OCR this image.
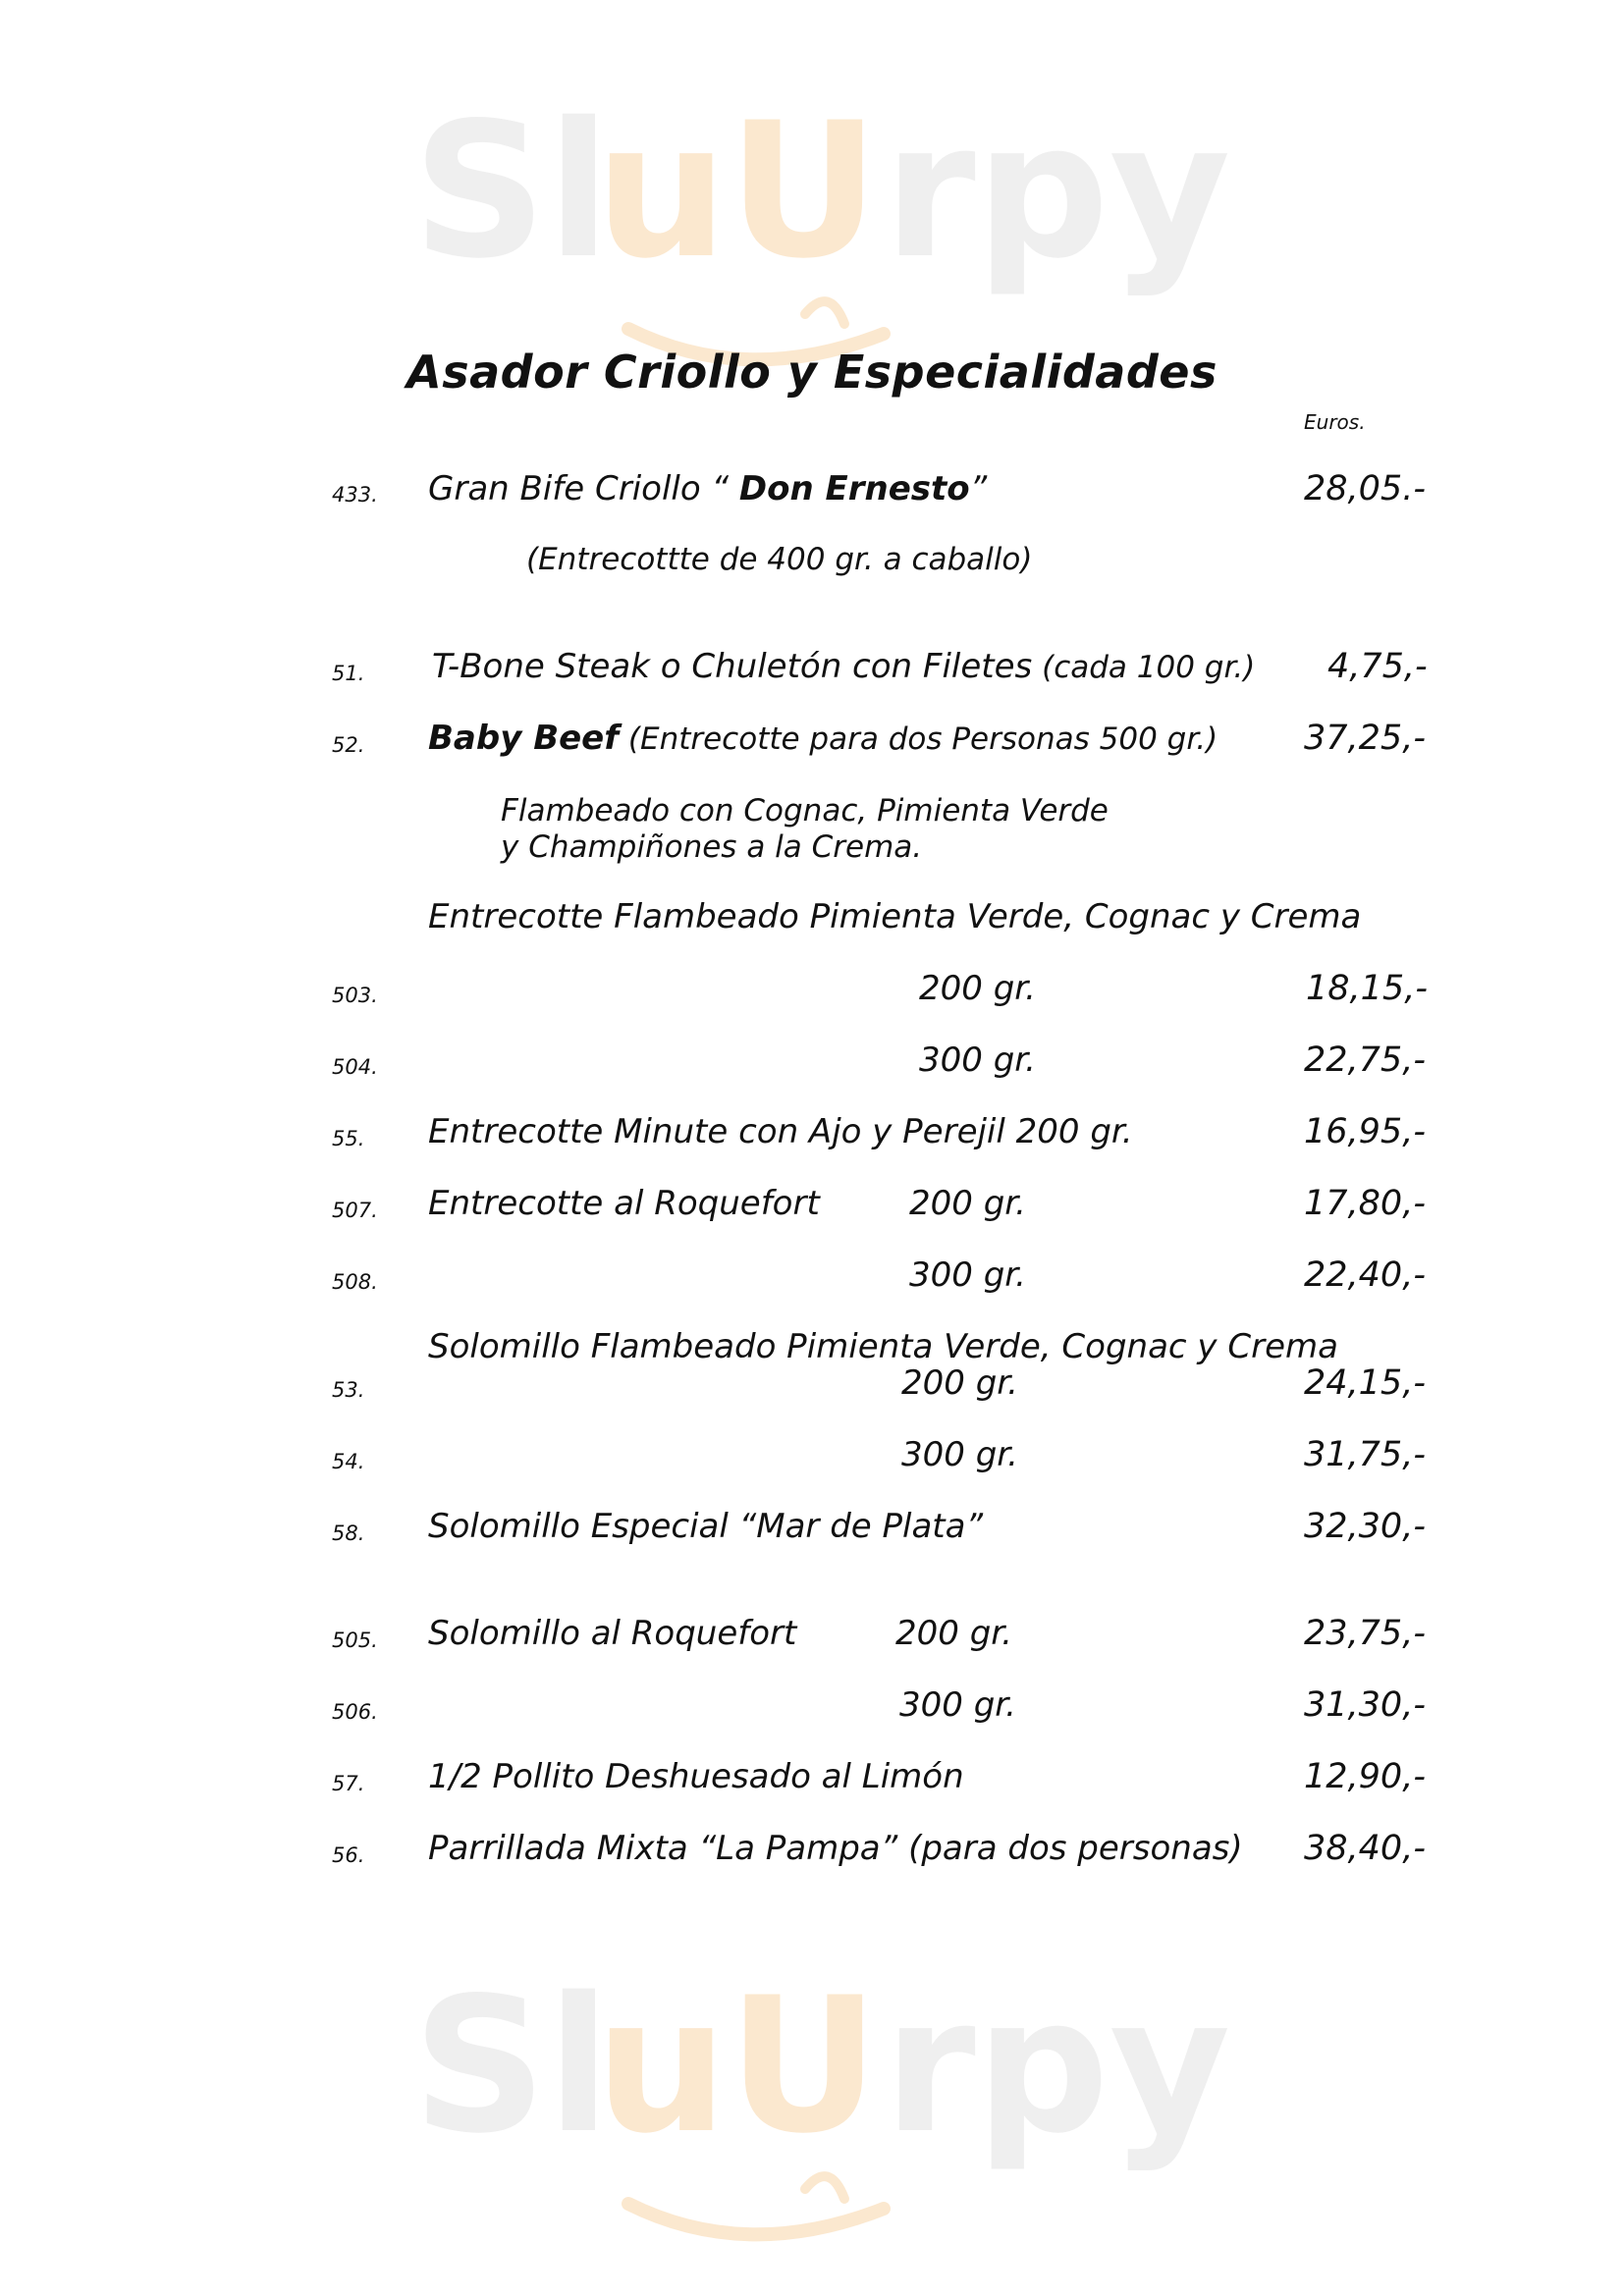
Sl
uU rpy
Sl
uU rpy
Asador Criollo y Especialidades
Euros.
433. Gran Bife Criollo “ Don Ernesto”	28,05.-
(Entrecottte de 400 gr. a caballo)
51. T-Bone Steak o Chuletón con Filetes (cada 100 gr.) 4,75,-
52. Baby Beef (Entrecotte para dos Personas 500 gr.)	37,25,-
Flambeado con Cognac, Pimienta Verde
y Champiñones a la Crema.
Entrecotte Flambeado Pimienta Verde, Cognac y Crema
503.	200 gr.	18,15,-
504.	300 gr.	22,75,-
55. Entrecotte Minute con Ajo y Perejil 200 gr.	16,95,-
507. Entrecotte al Roquefort	200 gr.	17,80,-
508.	300 gr.	22,40,-
Solomillo Flambeado Pimienta Verde, Cognac y Crema
53.	200 gr.	24,15,-
54.	300 gr.	31,75,-
58. Solomillo Especial “Mar de Plata”	32,30,-
505. Solomillo al Roquefort	200 gr.	23,75,-
506.	300 gr.	31,30,-
57. 1/2 Pollito Deshuesado al Limón	12,90,-
56. Parrillada Mixta “La Pampa” (para dos personas) 38,40,-
